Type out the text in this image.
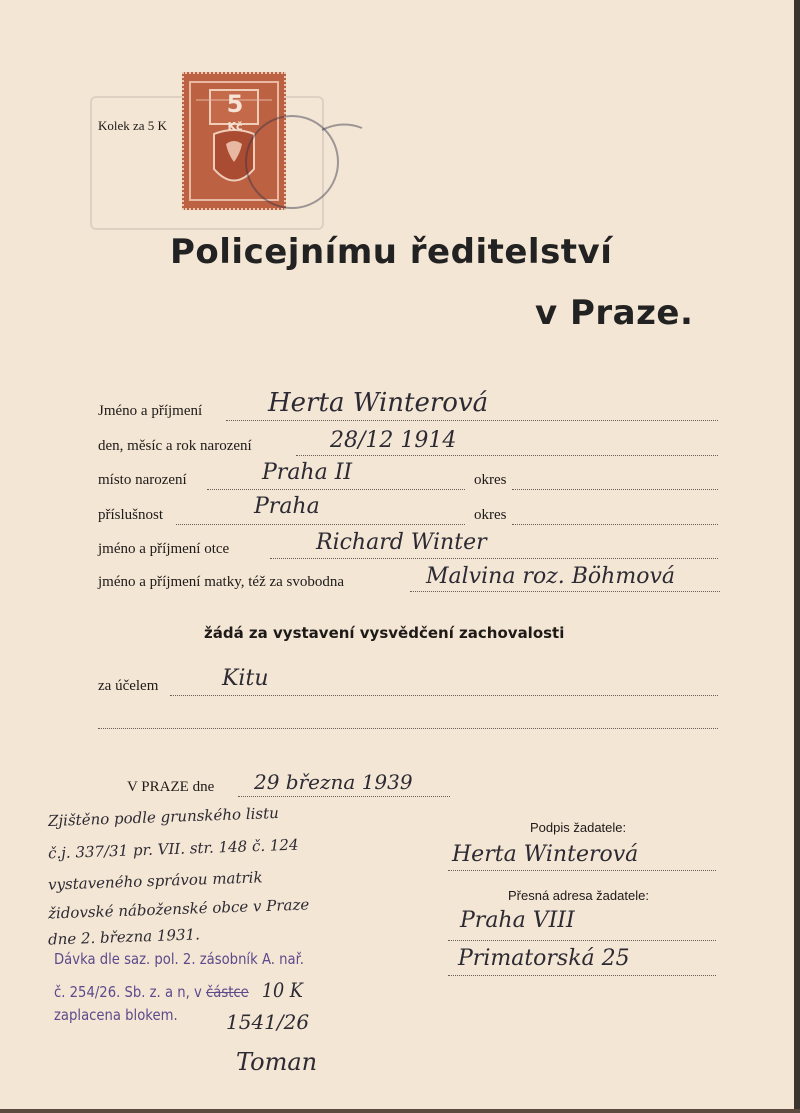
Kolek za 5 K
5
Kč
Policejnímu ředitelství
v Praze.
Jméno a příjmení	Herta Winterová
den, měsíc a rok narození	28/12 1914
místo narození	Praha II	okres
příslušnost	Praha	okres
jméno a příjmení otce	Richard Winter
jméno a příjmení matky, též za svobodna	Malvina roz. Böhmová
žádá za vystavení vysvědčení zachovalosti
za účelem	Kitu
V PRAZE dne 29 března 1939
Podpis žadatele:
Herta Winterová
Přesná adresa žadatele:
Praha VIII
Primatorská 25
Zjištěno podle grunského listu
č.j. 337/31 pr. VII. str. 148 č. 124
vystaveného správou matrik
židovské náboženské obce v Praze
dne 2. března 1931.
Dávka dle saz. pol. 2. zásobník A. nař.
č. 254/26. Sb. z. a n, v částce 10 K
zaplacena blokem. 1541/26
Toman
